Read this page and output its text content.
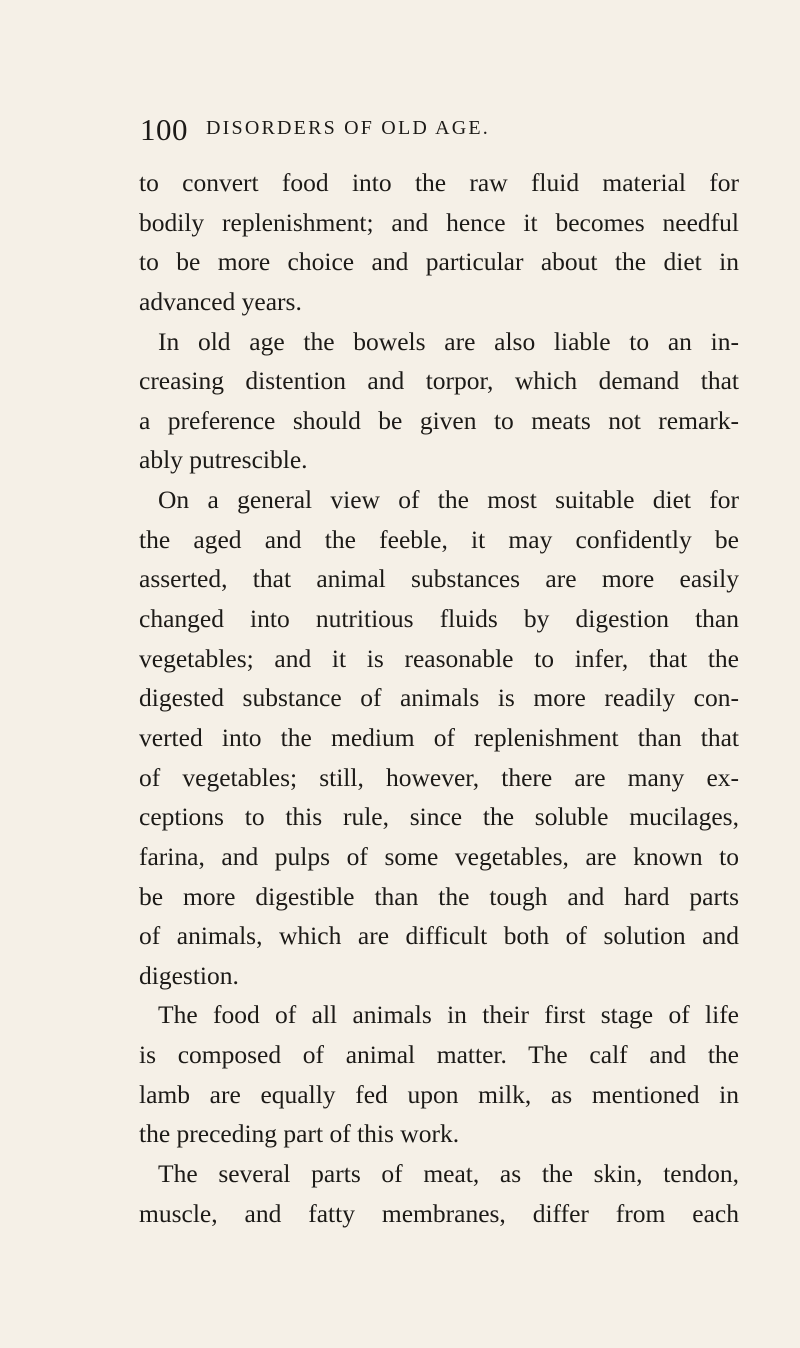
100 DISORDERS OF OLD AGE.
to convert food into the raw fluid material for
bodily replenishment; and hence it becomes needful
to be more choice and particular about the diet in
advanced years.
In old age the bowels are also liable to an in-
creasing distention and torpor, which demand that
a preference should be given to meats not remark-
ably putrescible.
On a general view of the most suitable diet for
the aged and the feeble, it may confidently be
asserted, that animal substances are more easily
changed into nutritious fluids by digestion than
vegetables; and it is reasonable to infer, that the
digested substance of animals is more readily con-
verted into the medium of replenishment than that
of vegetables; still, however, there are many ex-
ceptions to this rule, since the soluble mucilages,
farina, and pulps of some vegetables, are known to
be more digestible than the tough and hard parts
of animals, which are difficult both of solution and
digestion.
The food of all animals in their first stage of life
is composed of animal matter. The calf and the
lamb are equally fed upon milk, as mentioned in
the preceding part of this work.
The several parts of meat, as the skin, tendon,
muscle, and fatty membranes, differ from each
